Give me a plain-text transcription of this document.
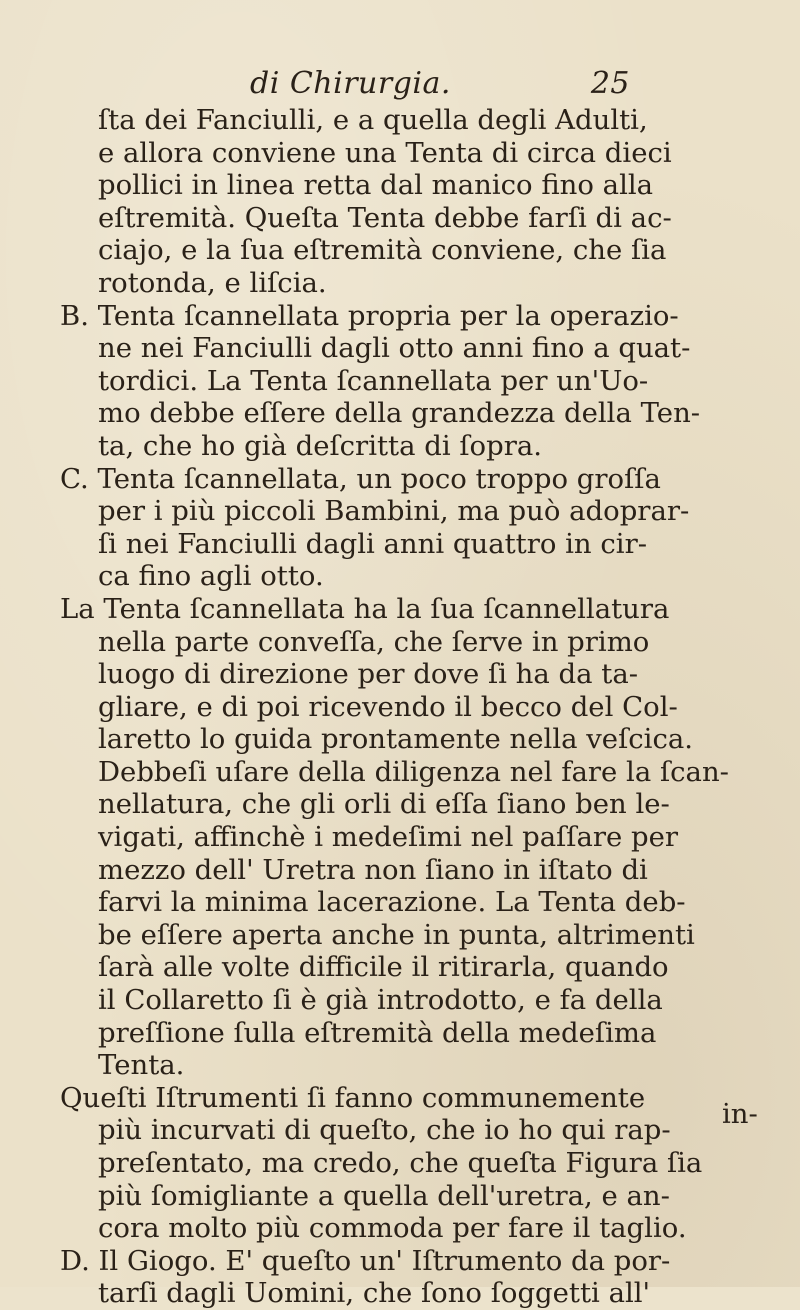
di Chirurgia.	25
ſta dei Fanciulli, e a quella degli Adulti,
e allora conviene una Tenta di circa dieci
pollici in linea retta dal manico fino alla
eſtremità. Queſta Tenta debbe farſi di ac-
ciajo, e la ſua eſtremità conviene, che ſia
rotonda, e liſcia.
B. Tenta ſcannellata propria per la operazio-
ne nei Fanciulli dagli otto anni fino a quat-
tordici. La Tenta ſcannellata per un'Uo-
mo debbe eſſere della grandezza della Ten-
ta, che ho già deſcritta di ſopra.
C. Tenta ſcannellata, un poco troppo groſſa
per i più piccoli Bambini, ma può adoprar-
ſi nei Fanciulli dagli anni quattro in cir-
ca fino agli otto.
La Tenta ſcannellata ha la ſua ſcannellatura
nella parte conveſſa, che ſerve in primo
luogo di direzione per dove ſi ha da ta-
gliare, e di poi ricevendo il becco del Col-
laretto lo guida prontamente nella veſcica.
Debbeſi uſare della diligenza nel fare la ſcan-
nellatura, che gli orli di eſſa ſiano ben le-
vigati, affinchè i medeſimi nel paſſare per
mezzo dell' Uretra non ſiano in iſtato di
farvi la minima lacerazione. La Tenta deb-
be eſſere aperta anche in punta, altrimenti
ſarà alle volte difficile il ritirarla, quando
il Collaretto ſi è già introdotto, e fa della
preſſione ſulla eſtremità della medeſima
Tenta.
Queſti Iſtrumenti ſi fanno communemente
più incurvati di queſto, che io ho qui rap-
preſentato, ma credo, che queſta Figura ſia
più ſomigliante a quella dell'uretra, e an-
cora molto più commoda per fare il taglio.
D. Il Giogo. E' queſto un' Iſtrumento da por-
tarſi dagli Uomini, che ſono ſoggetti all'
in-
